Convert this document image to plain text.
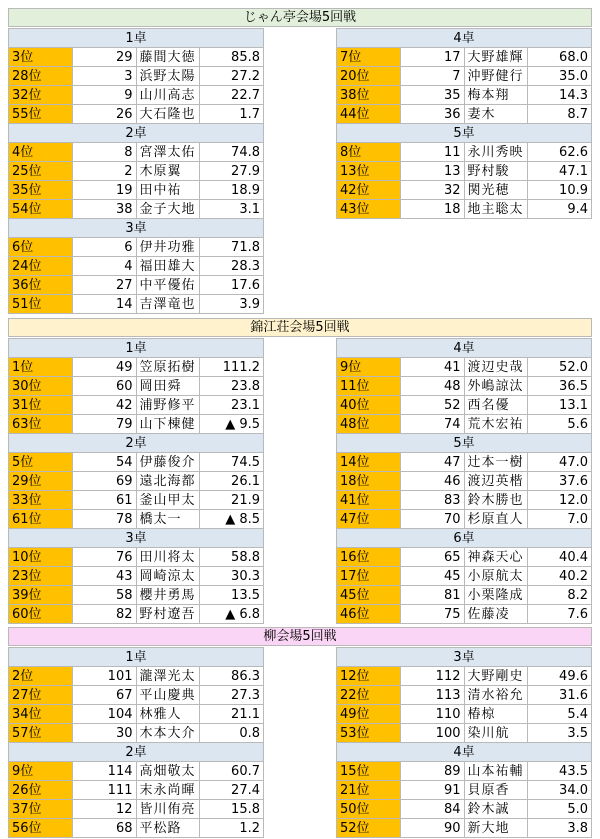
じゃん亭会場5回戦
1卓			
3位	29	藤間大徳	85.8
28位	3	浜野太陽	27.2
32位	9	山川高志	22.7
55位	26	大石隆也	1.7
2卓			
4位	8	宮澤太佑	74.8
25位	2	木原翼	27.9
35位	19	田中祐	18.9
54位	38	金子大地	3.1
3卓			
6位	6	伊井功雅	71.8
24位	4	福田雄大	28.3
36位	27	中平優佑	17.6
51位	14	吉澤竜也	3.9
4卓			
7位	17	大野雄輝	68.0
20位	7	沖野健行	35.0
38位	35	梅本翔	14.3
44位	36	妻木	8.7
5卓			
8位	11	永川秀映	62.6
13位	13	野村駿	47.1
42位	32	関光穂	10.9
43位	18	地主聡太	9.4
錦江荘会場5回戦
1卓			
1位	49	笠原拓樹	111.2
30位	60	岡田舜	23.8
31位	42	浦野修平	23.1
63位	79	山下棟健	▲ 9.5
2卓			
5位	54	伊藤俊介	74.5
29位	69	遠北海都	26.1
33位	61	釜山甲太	21.9
61位	78	橋太一	▲ 8.5
3卓			
10位	76	田川将太	58.8
23位	43	岡崎涼太	30.3
39位	58	櫻井勇馬	13.5
60位	82	野村遼吾	▲ 6.8
4卓			
9位	41	渡辺史哉	52.0
11位	48	外嶋諒汰	36.5
40位	52	西名優	13.1
48位	74	荒木宏祐	5.6
5卓			
14位	47	辻本一樹	47.0
18位	46	渡辺英楷	37.6
41位	83	鈴木勝也	12.0
47位	70	杉原直人	7.0
6卓			
16位	65	神森天心	40.4
17位	45	小原航太	40.2
45位	81	小栗隆成	8.2
46位	75	佐藤凌	7.6
柳会場5回戦
1卓			
2位	101	瀧澤光太	86.3
27位	67	平山慶典	27.3
34位	104	林雅人	21.1
57位	30	木本大介	0.8
2卓			
9位	114	高畑敬太	60.7
26位	111	末永尚暉	27.4
37位	12	皆川侑亮	15.8
56位	68	平松路	1.2
3卓			
12位	112	大野剛史	49.6
22位	113	清水裕允	31.6
49位	110	椿椋	5.4
53位	100	染川航	3.5
4卓			
15位	89	山本祐輔	43.5
21位	91	貝原香	34.0
50位	84	鈴木誠	5.0
52位	90	新大地	3.8
